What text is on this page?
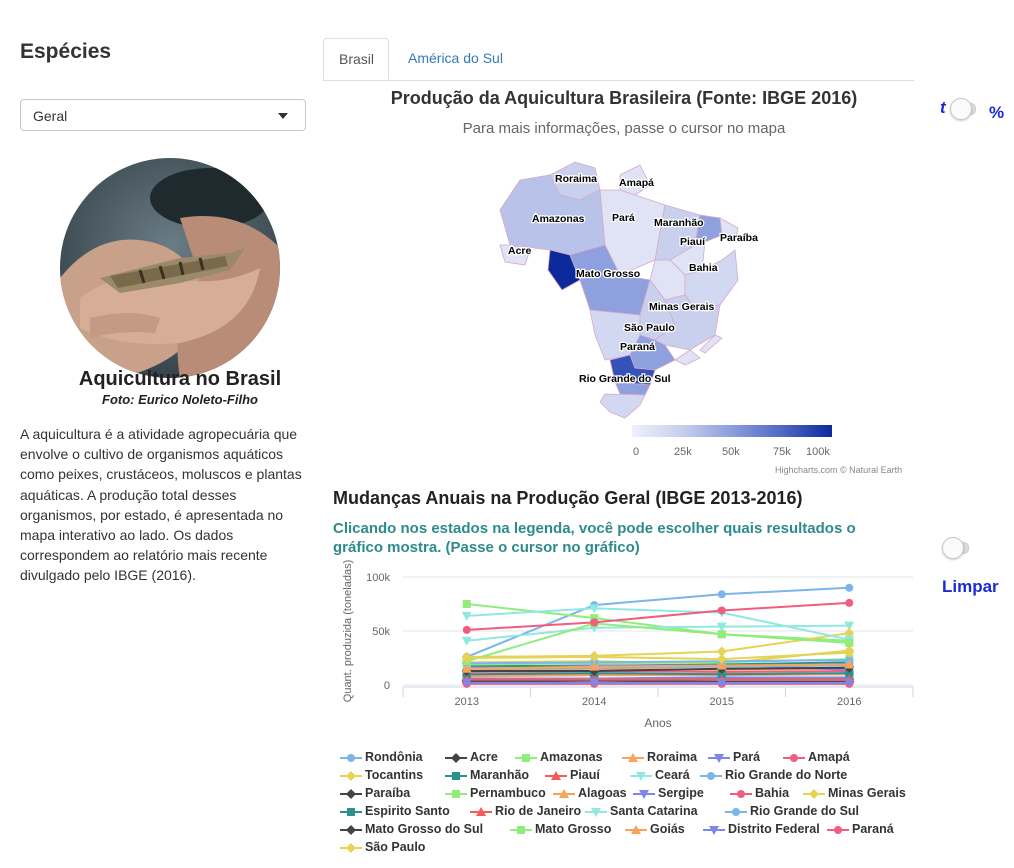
Espécies
Geral
Aquicultura no Brasil
Foto: Eurico Noleto-Filho
A aquicultura é a atividade agropecuária que envolve o cultivo de organismos aquáticos como peixes, crustáceos, moluscos e plantas aquáticas. A produção total desses organismos, por estado, é apresentada no mapa interativo ao lado. Os dados correspondem ao relatório mais recente divulgado pelo IBGE (2016).
Brasil	América do Sul
Produção da Aquicultura Brasileira (Fonte: IBGE 2016)
Para mais informações, passe o cursor no mapa
Roraima Amapá
Amazonas	Pará Maranhão
Paraíba
Acre
Piauí
Bahia
Mato Grosso
Minas Gerais
São Paulo
Paraná
Rio Grande do Sul
0	25k	50k	75k 100k
Highcharts.com © Natural Earth
t	%
Limpar
Mudanças Anuais na Produção Geral (IBGE 2013-2016)
Clicando nos estados na legenda, você pode escolher quais resultados o gráfico mostra. (Passe o cursor no gráfico)
0
50k
100k
2013	2014	2015	2016
Anos
Quant. produzida (toneladas)
Rondônia	Acre	Amazonas	Roraima	Pará	Amapá
Tocantins	Maranhão	Piauí	Ceará	Rio Grande do Norte
Paraíba	Pernambuco	Alagoas	Sergipe	Bahia	Minas Gerais
Espirito Santo	Rio de Janeiro	Santa Catarina	Rio Grande do Sul
Mato Grosso do Sul	Mato Grosso	Goiás	Distrito Federal	Paraná
São Paulo
